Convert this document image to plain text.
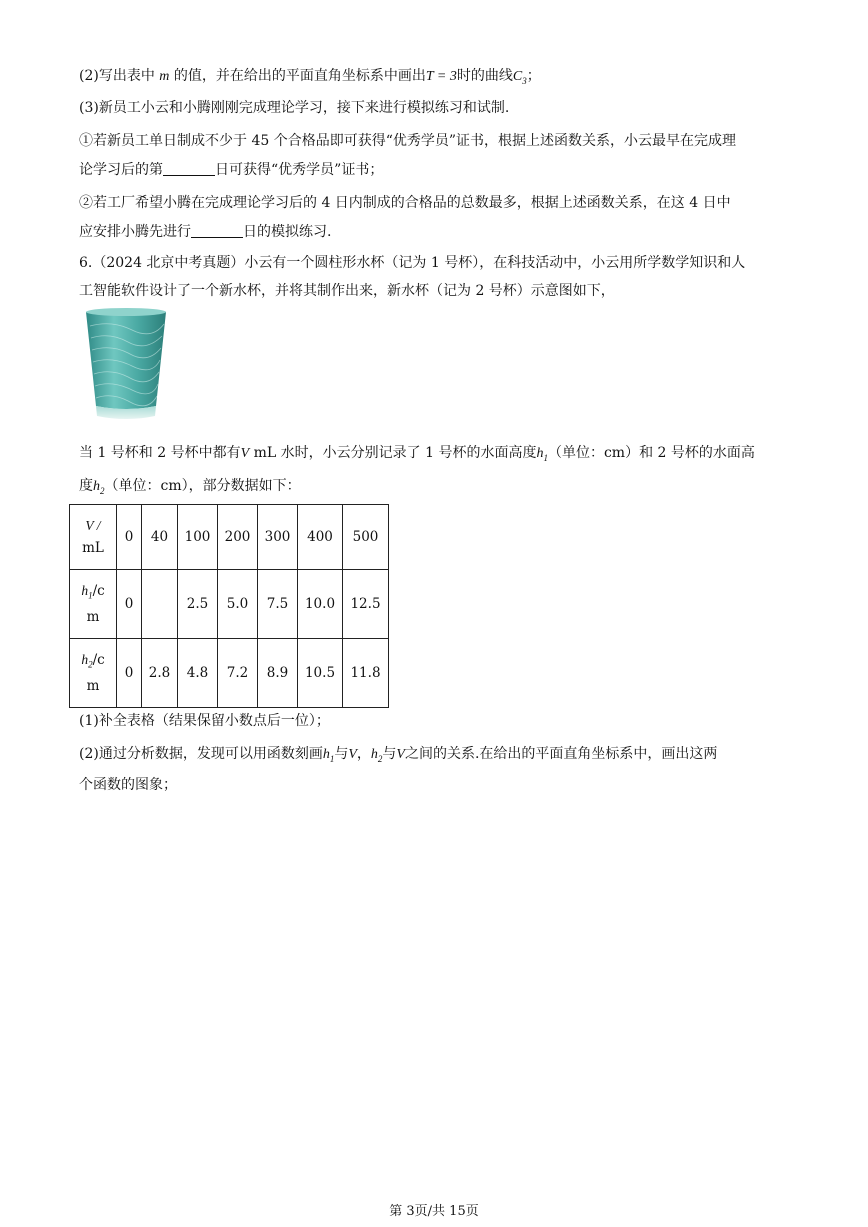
(2)写出表中 m 的值，并在给出的平面直角坐标系中画出T = 3时的曲线$C_3$；
(3)新员工小云和小腾刚刚完成理论学习，接下来进行模拟练习和试制.
①若新员工单日制成不少于 45 个合格品即可获得“优秀学员”证书，根据上述函数关系，小云最早在完成理
论学习后的第	日可获得“优秀学员”证书；
②若工厂希望小腾在完成理论学习后的 4 日内制成的合格品的总数最多，根据上述函数关系，在这 4 日中
应安排小腾先进行	日的模拟练习.
6.（2024 北京中考真题）小云有一个圆柱形水杯（记为 1 号杯），在科技活动中，小云用所学数学知识和人
工智能软件设计了一个新水杯，并将其制作出来，新水杯（记为 2 号杯）示意图如下，
当 1 号杯和 2 号杯中都有V mL 水时，小云分别记录了 1 号杯的水面高度$h_1$（单位：cm）和 2 号杯的水面高
度$h_2$（单位：cm），部分数据如下：
V /
mL	0	40	100	200	300	400	500
$h_1/c$
m	0		2.5	5.0	7.5	10.0	12.5
$h_2/c$
m	0	2.8	4.8	7.2	8.9	10.5	11.8
(1)补全表格（结果保留小数点后一位）；
(2)通过分析数据，发现可以用函数刻画$h_1$与V，$h_2$与V之间的关系.在给出的平面直角坐标系中，画出这两
个函数的图象；
第 3页/共 15页
